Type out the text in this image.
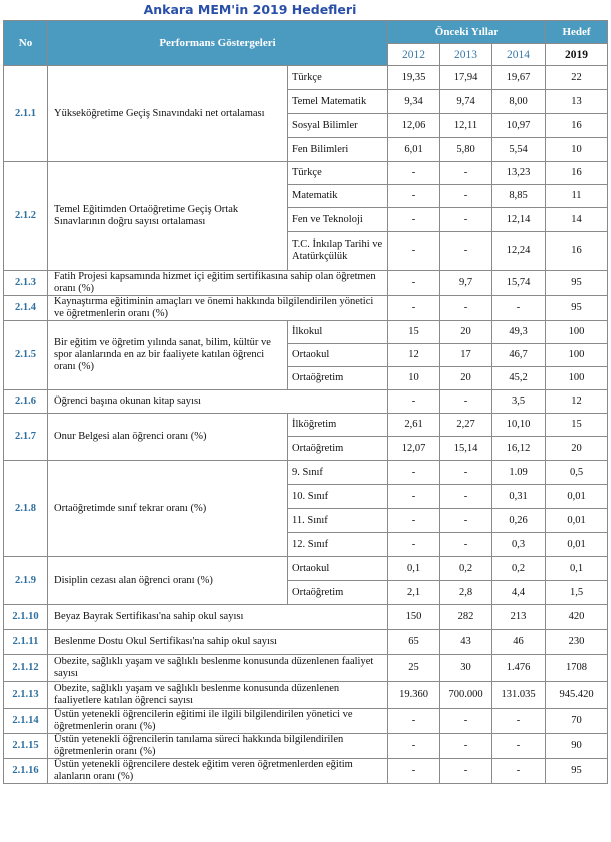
Ankara MEM'in 2019 Hedefleri
No	Performans Göstergeleri		Önceki Yıllar			Hedef
			2012	2013	2014	2019
2.1.1	Yükseköğretime Geçiş Sınavındaki net ortalaması	Türkçe	19,35	17,94	19,67	22
		Temel Matematik	9,34	9,74	8,00	13
		Sosyal Bilimler	12,06	12,11	10,97	16
		Fen Bilimleri	6,01	5,80	5,54	10
2.1.2	Temel Eğitimden Ortaöğretime Geçiş Ortak Sınavlarının doğru sayısı ortalaması	Türkçe	-	-	13,23	16
		Matematik	-	-	8,85	11
		Fen ve Teknoloji	-	-	12,14	14
		T.C. İnkılap Tarihi ve Atatürkçülük	-	-	12,24	16
2.1.3	Fatih Projesi kapsamında hizmet içi eğitim sertifikasına sahip olan öğretmen oranı (%)		-	9,7	15,74	95
2.1.4	Kaynaştırma eğitiminin amaçları ve önemi hakkında bilgilendirilen yönetici ve öğretmenlerin oranı (%)		-	-	-	95
2.1.5	Bir eğitim ve öğretim yılında sanat, bilim, kültür ve spor alanlarında en az bir faaliyete katılan öğrenci oranı (%)	İlkokul	15	20	49,3	100
		Ortaokul	12	17	46,7	100
		Ortaöğretim	10	20	45,2	100
2.1.6	Öğrenci başına okunan kitap sayısı		-	-	3,5	12
2.1.7	Onur Belgesi alan öğrenci oranı (%)	İlköğretim	2,61	2,27	10,10	15
		Ortaöğretim	12,07	15,14	16,12	20
2.1.8	Ortaöğretimde sınıf tekrar oranı (%)	9. Sınıf	-	-	1.09	0,5
		10. Sınıf	-	-	0,31	0,01
		11. Sınıf	-	-	0,26	0,01
		12. Sınıf	-	-	0,3	0,01
2.1.9	Disiplin cezası alan öğrenci oranı (%)	Ortaokul	0,1	0,2	0,2	0,1
		Ortaöğretim	2,1	2,8	4,4	1,5
2.1.10	Beyaz Bayrak Sertifikası'na sahip okul sayısı		150	282	213	420
2.1.11	Beslenme Dostu Okul Sertifikası'na sahip okul sayısı		65	43	46	230
2.1.12	Obezite, sağlıklı yaşam ve sağlıklı beslenme konusunda düzenlenen faaliyet sayısı		25	30	1.476	1708
2.1.13	Obezite, sağlıklı yaşam ve sağlıklı beslenme konusunda düzenlenen faaliyetlere katılan öğrenci sayısı		19.360	700.000	131.035	945.420
2.1.14	Üstün yetenekli öğrencilerin eğitimi ile ilgili bilgilendirilen yönetici ve öğretmenlerin oranı (%)		-	-	-	70
2.1.15	Üstün yetenekli öğrencilerin tanılama süreci hakkında bilgilendirilen öğretmenlerin oranı (%)		-	-	-	90
2.1.16	Üstün yetenekli öğrencilere destek eğitim veren öğretmenlerden eğitim alanların oranı (%)		-	-	-	95
